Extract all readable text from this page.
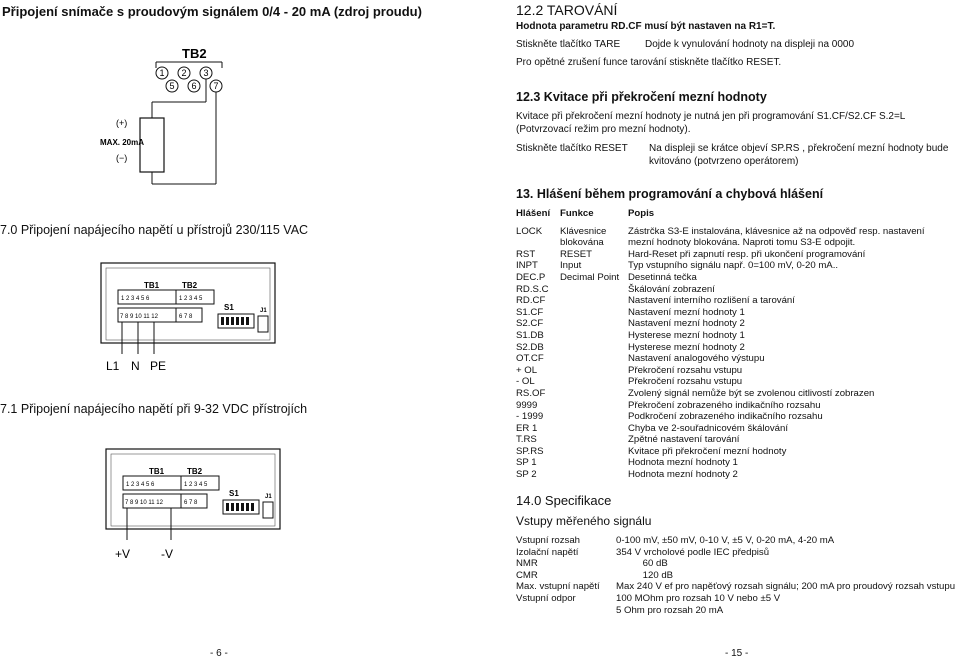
Připojení snímače s proudovým signálem 0/4 - 20 mA (zdroj proudu)
TB2
1 2 3
5 6 7
(+)
MAX. 20mA
(−)
7.0 Připojení napájecího napětí u přístrojů 230/115 VAC
TB1	TB2
1 2 3 4 5 6	1 2 3 4 5
7 8 9 10 11 12	6 7 8
S1	J1
L1 N PE
7.1 Připojení napájecího napětí při 9-32 VDC přístrojích
TB1	TB2
1 2 3 4 5 6	1 2 3 4 5
7 8 9 10 11 12	6 7 8
S1	J1
+V	-V
- 6 -
12.2 TAROVÁNÍ
Hodnota parametru RD.CF musí být nastaven na R1=T.
Stiskněte tlačítko TARE Dojde k vynulování hodnoty na displeji na 0000
Pro opětné zrušení funce tarování stiskněte tlačítko RESET.
12.3 Kvitace při překročení mezní hodnoty
Kvitace při překročení mezní hodnoty je nutná jen při programování S1.CF/S2.CF S.2=L
(Potvrzovací režim pro mezní hodnoty).
Stiskněte tlačítko RESET Na displeji se krátce objeví SP.RS , překročení mezní hodnoty bude
kvitováno (potvrzeno operátorem)
13. Hlášení během programování a chybová hlášení
Hlášení	Funkce	Popis
LOCK	Klávesnice	Zástrčka S3-E instalována, klávesnice až na odpověď resp. nastavení
	blokována	mezní hodnoty blokována. Naproti tomu S3-E odpojit.
RST	RESET	Hard-Reset při zapnutí resp. při ukončení programování
INPT	Input	Typ vstupního signálu např. 0=100 mV, 0-20 mA..
DEC.P	Decimal Point	Desetinná tečka
RD.S.C		Škálování zobrazení
RD.CF		Nastavení interního rozlišení a tarování
S1.CF		Nastavení mezní hodnoty 1
S2.CF		Nastavení mezní hodnoty 2
S1.DB		Hysterese mezní hodnoty 1
S2.DB		Hysterese mezní hodnoty 2
OT.CF		Nastavení analogového výstupu
+ OL		Překročení rozsahu vstupu
- OL		Překročení rozsahu vstupu
RS.OF		Zvolený signál nemůže být se zvolenou citlivostí zobrazen
9999		Překročení zobrazeného indikačního rozsahu
- 1999		Podkročení zobrazeného indikačního rozsahu
ER 1		Chyba ve 2-souřadnicovém škálování
T.RS		Zpětné nastavení tarování
SP.RS		Kvitace při překročení mezní hodnoty
SP 1		Hodnota mezní hodnoty 1
SP 2		Hodnota mezní hodnoty 2
14.0 Specifikace
Vstupy měřeného signálu
Vstupní rozsah	0-100 mV, ±50 mV, 0-10 V, ±5 V, 0-20 mA, 4-20 mA
Izolační napětí	354 V vrcholové podle IEC předpisů
NMR	60 dB
CMR	120 dB
Max. vstupní napětí	Max 240 V ef pro napěťový rozsah signálu; 200 mA pro proudový rozsah vstupu
Vstupní odpor	100 MOhm pro rozsah 10 V nebo ±5 V
	5 Ohm pro rozsah 20 mA
- 15 -
